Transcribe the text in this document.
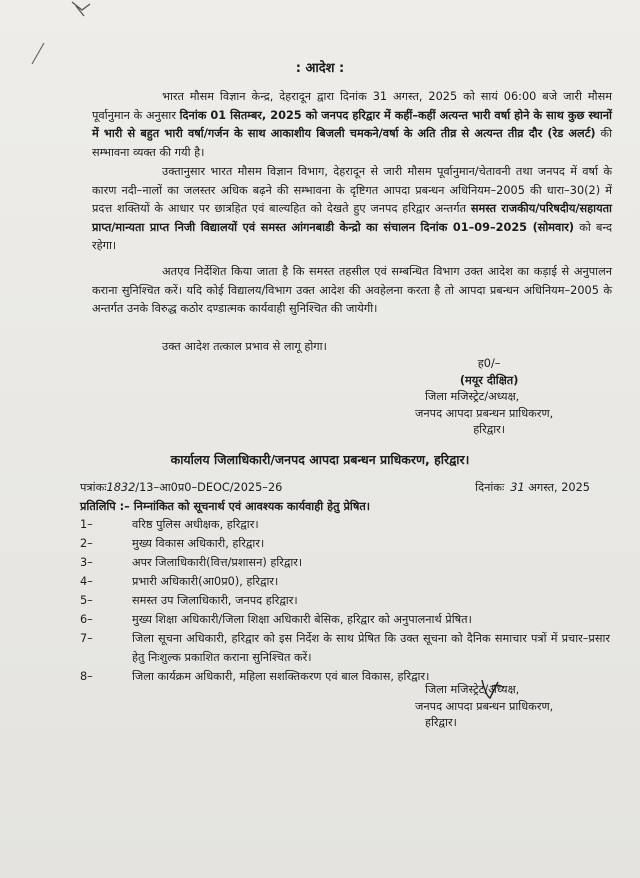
: आदेश :

भारत मौसम विज्ञान केन्द्र, देहरादून द्वारा दिनांक 31 अगस्त, 2025 को सायं 06:00 बजे जारी मौसम पूर्वानुमान के अनुसार दिनांक 01 सितम्बर, 2025 को जनपद हरिद्वार में कहीं–कहीं अत्यन्त भारी वर्षा होने के साथ कुछ स्थानों में भारी से बहुत भारी वर्षा/गर्जन के साथ आकाशीय बिजली चमकने/वर्षा के अति तीव्र से अत्यन्त तीव्र दौर (रेड अलर्ट) की सम्भावना व्यक्त की गयी है।

उक्तानुसार भारत मौसम विज्ञान विभाग, देहरादून से जारी मौसम पूर्वानुमान/चेतावनी तथा जनपद में वर्षा के कारण नदी–नालों का जलस्तर अधिक बढ़ने की सम्भावना के दृष्टिगत आपदा प्रबन्धन अधिनियम–2005 की धारा–30(2) में प्रदत्त शक्तियों के आधार पर छात्रहित एवं बाल्यहित को देखते हुए जनपद हरिद्वार अन्तर्गत समस्त राजकीय/परिषदीय/सहायता प्राप्त/मान्यता प्राप्त निजी विद्यालयों एवं समस्त आंगनबाडी केन्द्रो का संचालन दिनांक 01–09–2025 (सोमवार) को बन्द रहेगा।

अतएव निर्देशित किया जाता है कि समस्त तहसील एवं सम्बन्धित विभाग उक्त आदेश का कड़ाई से अनुपालन कराना सुनिश्चित करें। यदि कोई विद्यालय/विभाग उक्त आदेश की अवहेलना करता है तो आपदा प्रबन्धन अधिनियम–2005 के अन्तर्गत उनके विरुद्ध कठोर दण्डात्मक कार्यवाही सुनिश्चित की जायेगी।

उक्त आदेश तत्काल प्रभाव से लागू होगा।

ह0/–
(मयूर दीक्षित)
जिला मजिस्ट्रेट/अध्यक्ष,
जनपद आपदा प्रबन्धन प्राधिकरण,
हरिद्वार।
कार्यालय जिलाधिकारी/जनपद आपदा प्रबन्धन प्राधिकरण, हरिद्वार।
पत्रांकः1832/13–आ0प्र0–DEOC/2025–26	दिनांकः 31 अगस्त, 2025
प्रतिलिपि :– निम्नांकित को सूचनार्थ एवं आवश्यक कार्यवाही हेतु प्रेषित।
1–	वरिष्ठ पुलिस अधीक्षक, हरिद्वार।
2–	मुख्य विकास अधिकारी, हरिद्वार।
3–	अपर जिलाधिकारी(वित्त/प्रशासन) हरिद्वार।
4–	प्रभारी अधिकारी(आ0प्र0), हरिद्वार।
5–	समस्त उप जिलाधिकारी, जनपद हरिद्वार।
6–	मुख्य शिक्षा अधिकारी/जिला शिक्षा अधिकारी बेसिक, हरिद्वार को अनुपालनार्थ प्रेषित।
7–	जिला सूचना अधिकारी, हरिद्वार को इस निर्देश के साथ प्रेषित कि उक्त सूचना को दैनिक समाचार पत्रों में प्रचार–प्रसार हेतु निःशुल्क प्रकाशित कराना सुनिश्चित करें।
8–	जिला कार्यक्रम अधिकारी, महिला सशक्तिकरण एवं बाल विकास, हरिद्वार।
जिला मजिस्ट्रेट/अध्यक्ष,
जनपद आपदा प्रबन्धन प्राधिकरण,
हरिद्वार।
